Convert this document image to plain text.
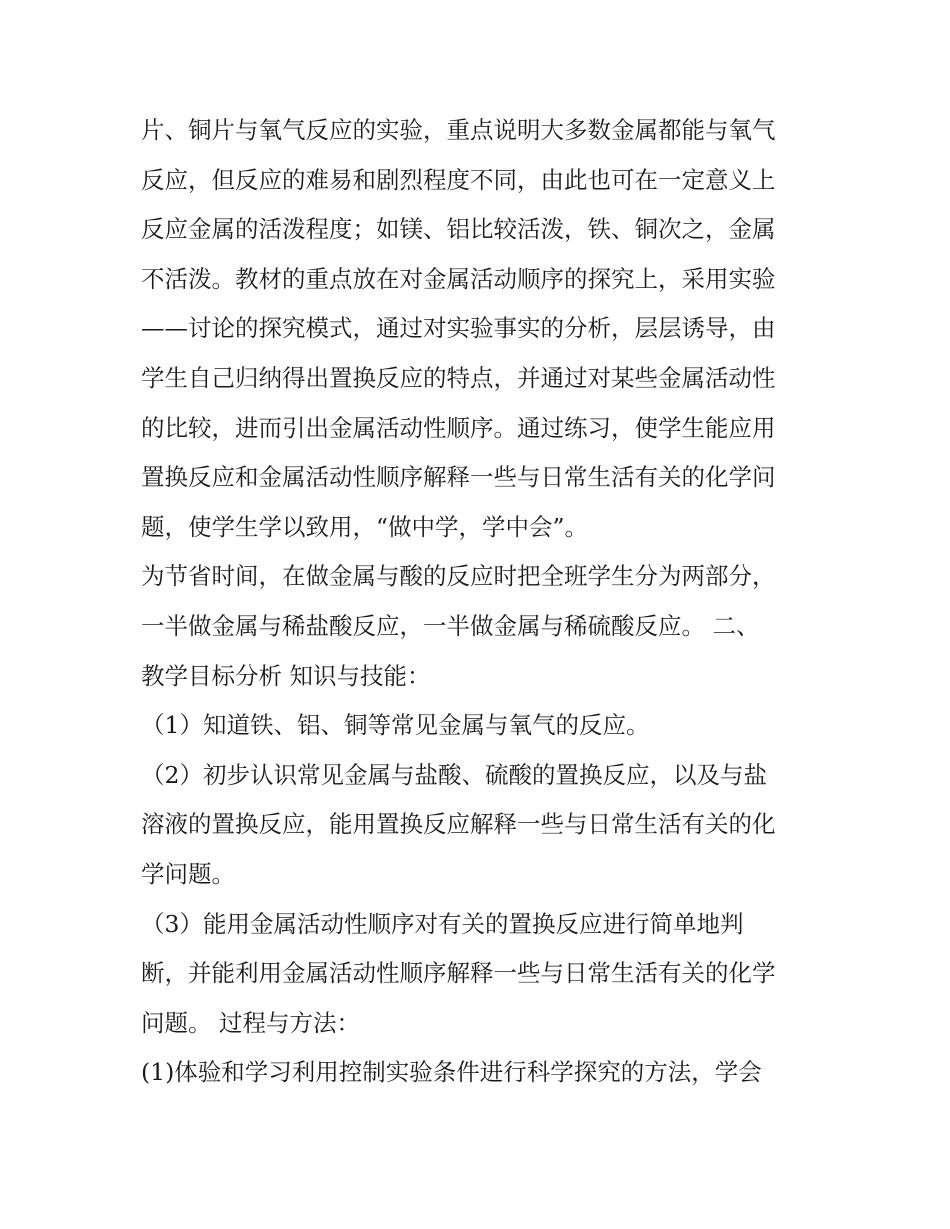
片、铜片与氧气反应的实验，重点说明大多数金属都能与氧气
反应，但反应的难易和剧烈程度不同，由此也可在一定意义上
反应金属的活泼程度；如镁、铝比较活泼，铁、铜次之，金属
不活泼。教材的重点放在对金属活动顺序的探究上，采用实验
——讨论的探究模式，通过对实验事实的分析，层层诱导，由
学生自己归纳得出置换反应的特点，并通过对某些金属活动性
的比较，进而引出金属活动性顺序。通过练习，使学生能应用
置换反应和金属活动性顺序解释一些与日常生活有关的化学问
题，使学生学以致用，“做中学，学中会”。
为节省时间，在做金属与酸的反应时把全班学生分为两部分，
一半做金属与稀盐酸反应，一半做金属与稀硫酸反应。 二、
教学目标分析 知识与技能：
（1）知道铁、铝、铜等常见金属与氧气的反应。
（2）初步认识常见金属与盐酸、硫酸的置换反应，以及与盐
溶液的置换反应，能用置换反应解释一些与日常生活有关的化
学问题。
（3）能用金属活动性顺序对有关的置换反应进行简单地判
断，并能利用金属活动性顺序解释一些与日常生活有关的化学
问题。 过程与方法：
(1)体验和学习利用控制实验条件进行科学探究的方法，学会
